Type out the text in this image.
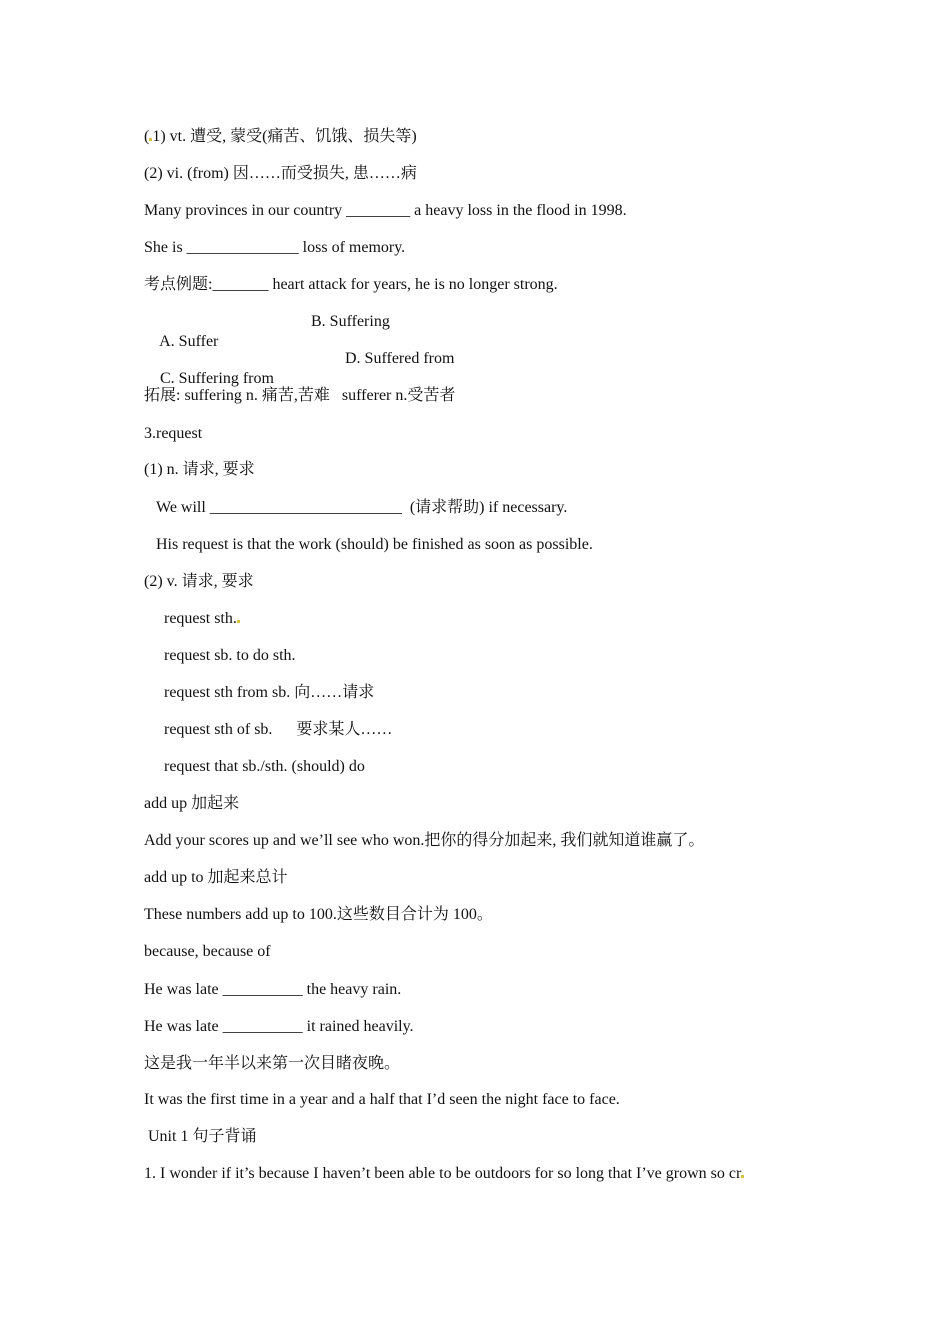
( 1) vt. 遭受, 蒙受(痛苦、饥饿、损失等)
(2) vi. (from) 因……而受损失, 患……病
Many provinces in our country ________ a heavy loss in the flood in 1998.
She is ______________ loss of memory.
考点例题:_______ heart attack for years, he is no longer strong.

A. Suffer

B. Suffering

C. Suffering from

D. Suffered from

拓展: suffering n. 痛苦,苦难   sufferer n.受苦者
3.request
(1) n. 请求, 要求
We will ________________________  (请求帮助) if necessary.
His request is that the work (should) be finished as soon as possible.
(2) v. 请求, 要求
request sth.
request sb. to do sth.
request sth from sb. 向……请求
request sth of sb.      要求某人……
request that sb./sth. (should) do
add up 加起来
Add your scores up and we’ll see who won.把你的得分加起来, 我们就知道谁赢了。
add up to 加起来总计
These numbers add up to 100.这些数目合计为 100。
because, because of
He was late __________ the heavy rain.
He was late __________ it rained heavily.
这是我一年半以来第一次目睹夜晚。
It was the first time in a year and a half that I’d seen the night face to face.
Unit 1 句子背诵
1. I wonder if it’s because I haven’t been able to be outdoors for so long that I’ve grown so cr
